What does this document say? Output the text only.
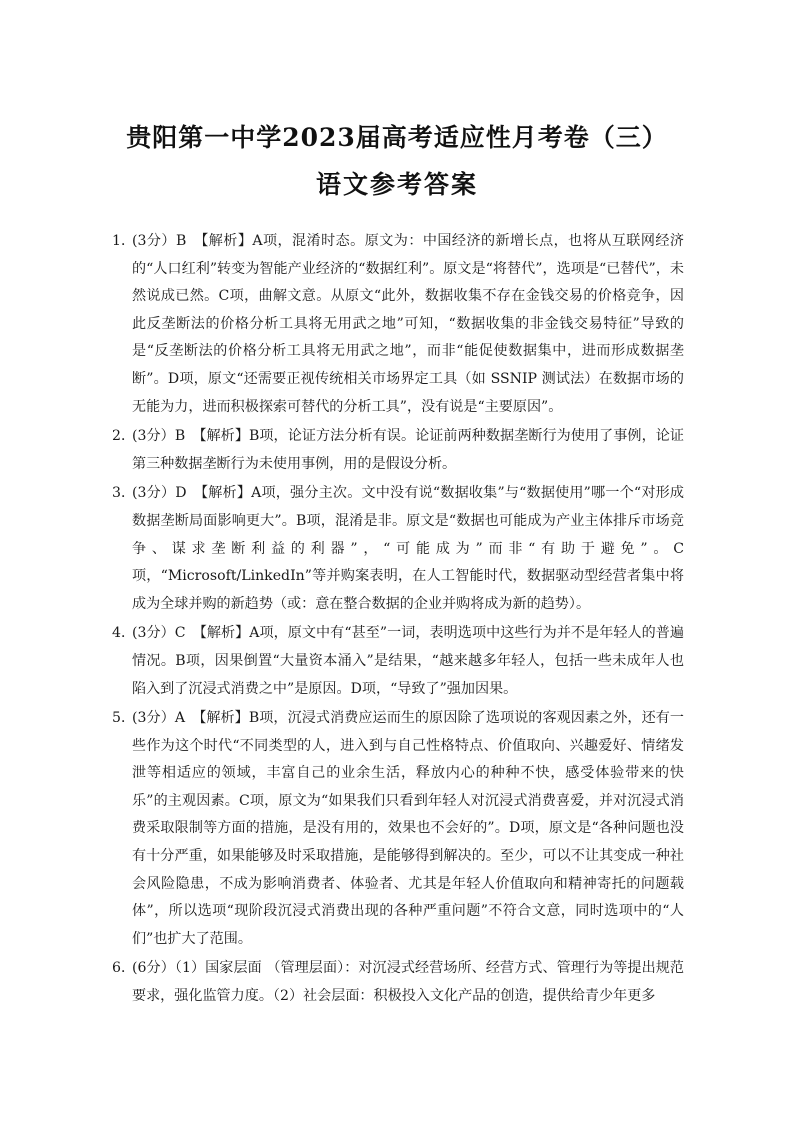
贵阳第一中学2023届高考适应性月考卷（三）
语文参考答案
1．
(3分）B　【解析】A项，混淆时态。原文为：中国经济的新增长点，也将从互联网经济的“人口红利”转变为智能产业经济的“数据红利”。原文是“将替代”，选项是“已替代”，未然说成已然。C项，曲解文意。从原文“此外，数据收集不存在金钱交易的价格竞争，因此反垄断法的价格分析工具将无用武之地”可知，“数据收集的非金钱交易特征”导致的是“反垄断法的价格分析工具将无用武之地”，而非“能促使数据集中，进而形成数据垄断”。D项，原文“还需要正视传统相关市场界定工具（如 SSNIP 测试法）在数据市场的无能为力，进而积极探索可替代的分析工具”，没有说是“主要原因”。
2．
(3分）B　【解析】B项，论证方法分析有误。论证前两种数据垄断行为使用了事例，论证第三种数据垄断行为未使用事例，用的是假设分析。
3．
(3分）D　【解析】A项，强分主次。文中没有说“数据收集”与“数据使用”哪一个“对形成数据垄断局面影响更大”。B项，混淆是非。原文是“数据也可能成为产业主体排斥市场竞争、谋求垄断利益的利器”，“可能成为”而非“有助于避免”。C项，“Microsoft/LinkedIn”等并购案表明，在人工智能时代，数据驱动型经营者集中将成为全球并购的新趋势（或：意在整合数据的企业并购将成为新的趋势）。
4．
(3分）C　【解析】A项，原文中有“甚至”一词，表明选项中这些行为并不是年轻人的普遍情况。B项，因果倒置“大量资本涌入”是结果，“越来越多年轻人，包括一些未成年人也陷入到了沉浸式消费之中”是原因。D项，“导致了”强加因果。
5．
(3分）A　【解析】B项，沉浸式消费应运而生的原因除了选项说的客观因素之外，还有一些作为这个时代“不同类型的人，进入到与自己性格特点、价值取向、兴趣爱好、情绪发泄等相适应的领域，丰富自己的业余生活，释放内心的种种不快，感受体验带来的快乐”的主观因素。C项，原文为“如果我们只看到年轻人对沉浸式消费喜爱，并对沉浸式消费采取限制等方面的措施，是没有用的，效果也不会好的”。D项，原文是“各种问题也没有十分严重，如果能够及时采取措施，是能够得到解决的。至少，可以不让其变成一种社会风险隐患，不成为影响消费者、体验者、尤其是年轻人价值取向和精神寄托的问题载体”，所以选项“现阶段沉浸式消费出现的各种严重问题”不符合文意，同时选项中的“人们”也扩大了范围。
6．
(6分）（1）国家层面 （管理层面）：对沉浸式经营场所、经营方式、管理行为等提出规范要求，强化监管力度。（2）社会层面：积极投入文化产品的创造，提供给青少年更多
